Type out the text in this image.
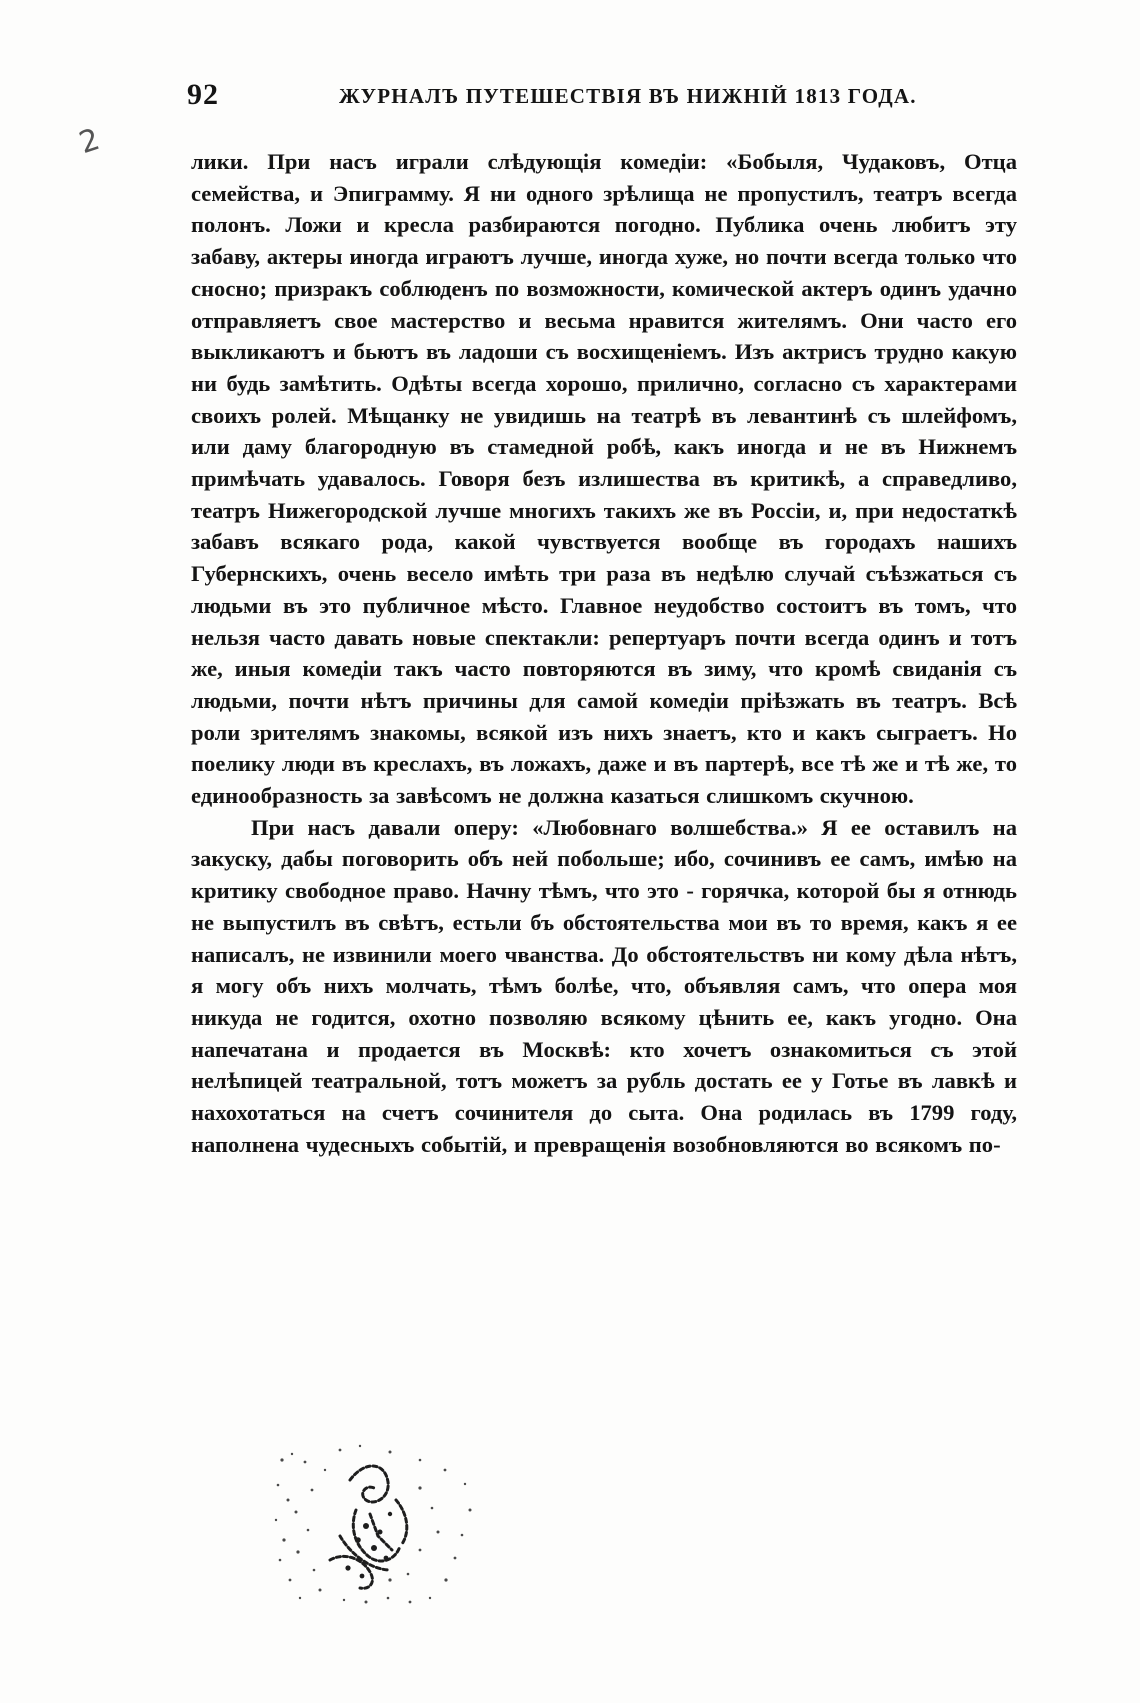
2
92	ЖУРНАЛЪ ПУТЕШЕСТВІЯ ВЪ НИЖНІЙ 1813 ГОДА.

лики. При насъ играли слѣдующія комедіи: «Бобыля, Чудаковъ, Отца семейства, и Эпиграмму. Я ни одного зрѣлища не пропустилъ, театръ всегда полонъ. Ложи и кресла разбираются погодно. Публика очень любитъ эту забаву, актеры иногда играютъ лучше, иногда хуже, но почти всегда только что сносно; призракъ соблюденъ по возможности, комической актеръ одинъ удачно отправляетъ свое мастерство и весьма нравится жителямъ. Они часто его выкликаютъ и бьютъ въ ладоши съ восхищеніемъ. Изъ актрисъ трудно какую ни будь замѣтить. Одѣты всегда хорошо, прилично, согласно съ характерами своихъ ролей. Мѣщанку не увидишь на театрѣ въ левантинѣ съ шлейфомъ, или даму благородную въ стамедной робѣ, какъ иногда и не въ Нижнемъ примѣчать удавалось. Говоря безъ излишества въ критикѣ, а справедливо, театръ Нижегородской лучше многихъ такихъ же въ Россіи, и, при недостаткѣ забавъ всякаго рода, какой чувствуется вообще въ городахъ нашихъ Губернскихъ, очень весело имѣть три раза въ недѣлю случай съѣзжаться съ людьми въ это публичное мѣсто. Главное неудобство состоитъ въ томъ, что нельзя часто давать новые спектакли: репертуаръ почти всегда одинъ и тотъ же, иныя комедіи такъ часто повторяются въ зиму, что кромѣ свиданія съ людьми, почти нѣтъ причины для самой комедіи пріѣзжать въ театръ. Всѣ роли зрителямъ знакомы, всякой изъ нихъ знаетъ, кто и какъ сыграетъ. Но поелику люди въ креслахъ, въ ложахъ, даже и въ партерѣ, все тѣ же и тѣ же, то единообразность за завѣсомъ не должна казаться слишкомъ скучною.

При насъ давали оперу: «Любовнаго волшебства.» Я ее оставилъ на закуску, дабы поговорить объ ней побольше; ибо, сочинивъ ее самъ, имѣю на критику свободное право. Начну тѣмъ, что это - горячка, которой бы я отнюдь не выпустилъ въ свѣтъ, естьли бъ обстоятельства мои въ то время, какъ я ее написалъ, не извинили моего чванства. До обстоятельствъ ни кому дѣла нѣтъ, я могу объ нихъ молчать, тѣмъ болѣе, что, объявляя самъ, что опера моя никуда не годится, охотно позволяю всякому цѣнить ее, какъ угодно. Она напечатана и продается въ Москвѣ: кто хочетъ ознакомиться съ этой нелѣпицей театральной, тотъ можетъ за рубль достать ее у Готье въ лавкѣ и нахохотаться на счетъ сочинителя до сыта. Она родилась въ 1799 году, наполнена чудесныхъ событій, и превращенія возобновляются во всякомъ по-
